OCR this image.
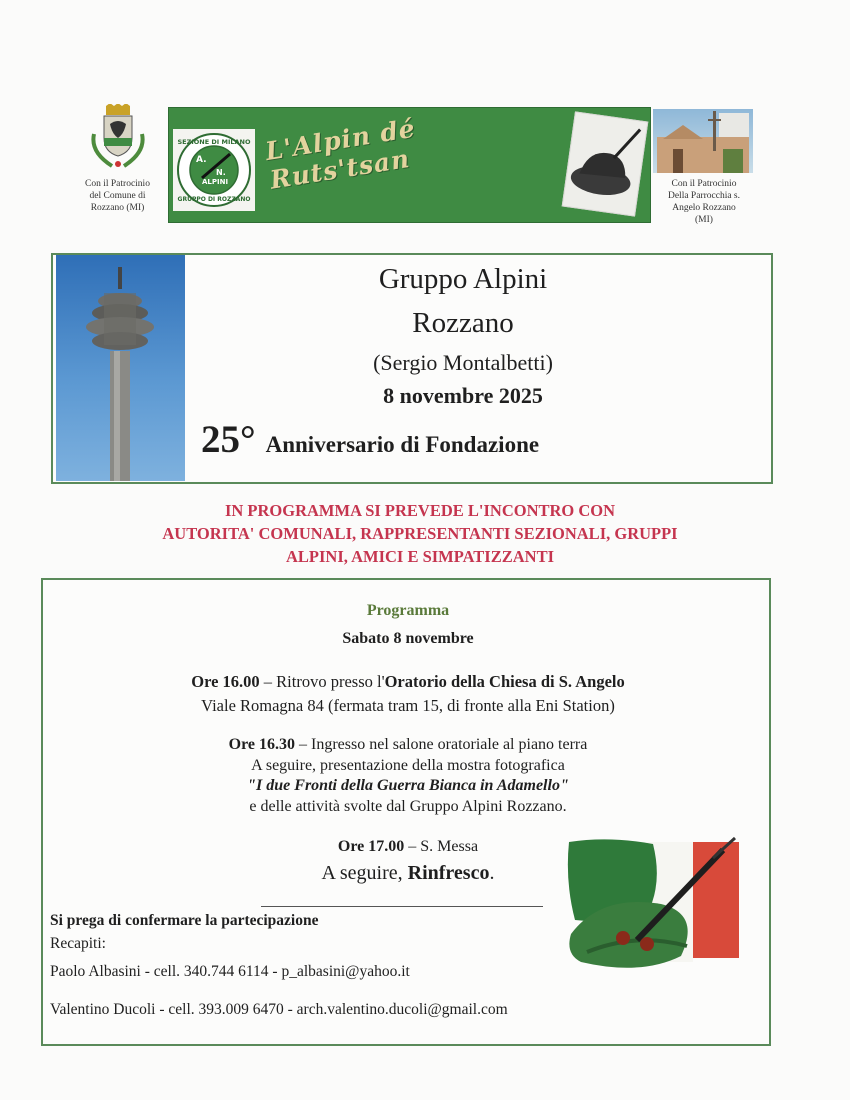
Con il Patrocinio
del Comune di
Rozzano (MI)
SEZIONE DI MILANO
A.
N.
ALPINI
GRUPPO DI ROZZANO
L'Alpin dé Ruts'tsan	Con il Patrocinio
Della Parrocchia s.
Angelo Rozzano
(MI)
Gruppo Alpini
Rozzano
(Sergio Montalbetti)
8 novembre 2025
25° Anniversario di Fondazione
IN PROGRAMMA SI PREVEDE L'INCONTRO CON
AUTORITA' COMUNALI, RAPPRESENTANTI SEZIONALI, GRUPPI
ALPINI, AMICI E SIMPATIZZANTI
Programma
Sabato 8 novembre
Ore 16.00 – Ritrovo presso l'Oratorio della Chiesa di S. Angelo
Viale Romagna 84 (fermata tram 15, di fronte alla Eni Station)
Ore 16.30 – Ingresso nel salone oratoriale al piano terra
A seguire, presentazione della mostra fotografica
"I due Fronti della Guerra Bianca in Adamello"
e delle attività svolte dal Gruppo Alpini Rozzano.
Ore 17.00 – S. Messa
A seguire, Rinfresco.
Si prega di confermare la partecipazione
Recapiti:
Paolo Albasini - cell. 340.744 6114 - p_albasini@yahoo.it
Valentino Ducoli - cell. 393.009 6470 - arch.valentino.ducoli@gmail.com
